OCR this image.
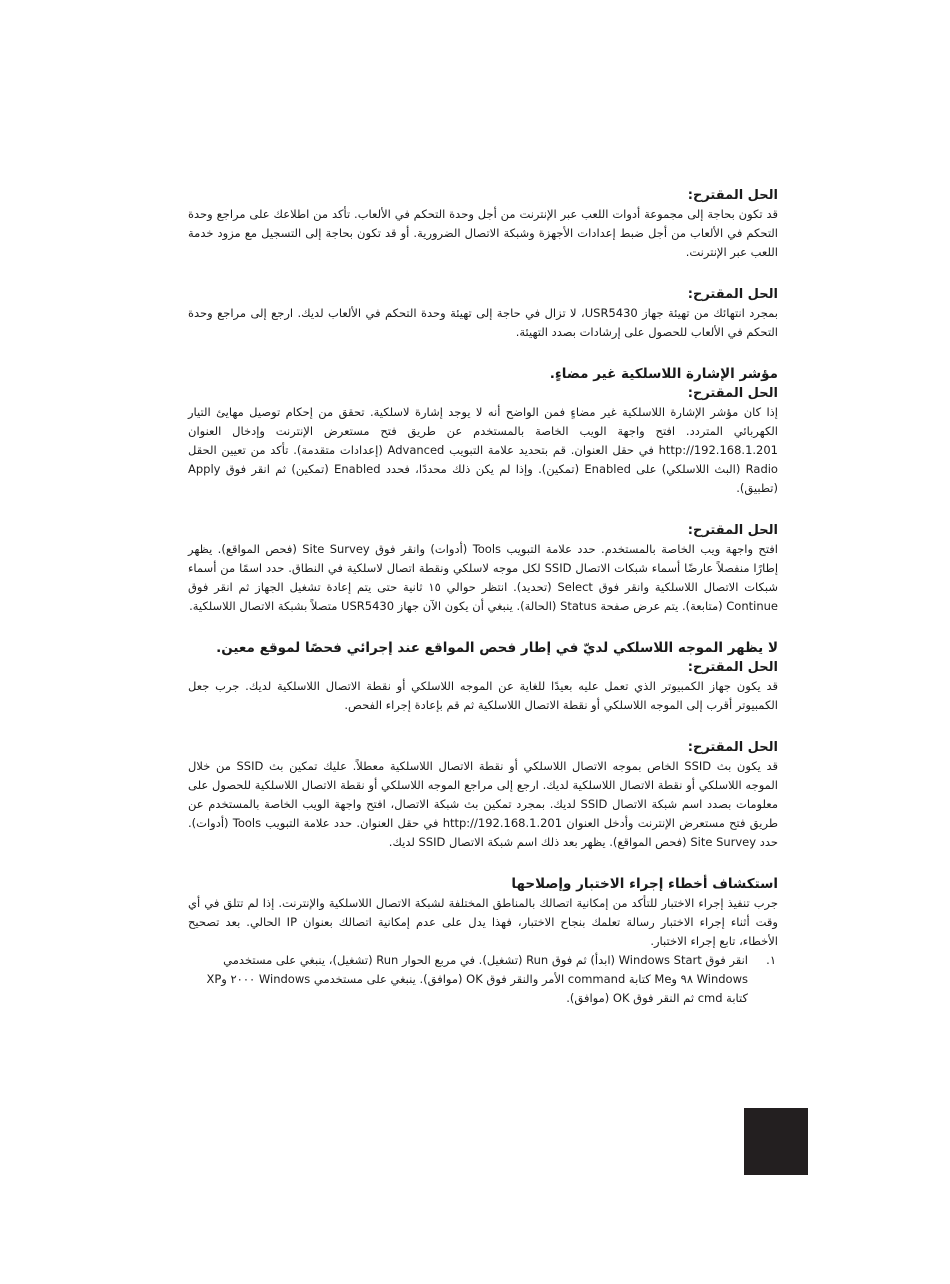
الحل المقترح:

قد تكون بحاجة إلى مجموعة أدوات اللعب عبر الإنترنت من أجل وحدة التحكم في الألعاب. تأكد من اطلاعك على مراجع وحدة التحكم في الألعاب من أجل ضبط إعدادات الأجهزة وشبكة الاتصال الضرورية. أو قد تكون بحاجة إلى التسجيل مع مزود خدمة اللعب عبر الإنترنت.

الحل المقترح:

بمجرد انتهائك من تهيئة جهاز USR5430، لا تزال في حاجة إلى تهيئة وحدة التحكم في الألعاب لديك. ارجع إلى مراجع وحدة التحكم في الألعاب للحصول على إرشادات بصدد التهيئة.

مؤشر الإشارة اللاسلكية غير مضاءٍ.

الحل المقترح:

إذا كان مؤشر الإشارة اللاسلكية غير مضاءٍ فمن الواضح أنه لا يوجد إشارة لاسلكية. تحقق من إحكام توصيل مهايئ التيار الكهربائي المتردد. افتح واجهة الويب الخاصة بالمستخدم عن طريق فتح مستعرض الإنترنت وإدخال العنوان http://192.168.1.201 في حقل العنوان. قم بتحديد علامة التبويب Advanced (إعدادات متقدمة). تأكد من تعيين الحقل Radio (البث اللاسلكي) على Enabled (تمكين). وإذا لم يكن ذلك محددًا، فحدد Enabled (تمكين) ثم انقر فوق Apply (تطبيق).

الحل المقترح:

افتح واجهة ويب الخاصة بالمستخدم. حدد علامة التبويب Tools (أدوات) وانقر فوق Site Survey (فحص المواقع). يظهر إطارًا منفصلاً عارضًا أسماء شبكات الاتصال SSID لكل موجه لاسلكي ونقطة اتصال لاسلكية في النطاق. حدد اسمًا من أسماء شبكات الاتصال اللاسلكية وانقر فوق Select (تحديد). انتظر حوالي ١٥ ثانية حتى يتم إعادة تشغيل الجهاز ثم انقر فوق Continue (متابعة). يتم عرض صفحة Status (الحالة). ينبغي أن يكون الآن جهاز USR5430 متصلاً بشبكة الاتصال اللاسلكية.

لا يظهر الموجه اللاسلكي لديّ في إطار فحص المواقع عند إجرائي فحصًا لموقع معين.

الحل المقترح:

قد يكون جهاز الكمبيوتر الذي تعمل عليه بعيدًا للغاية عن الموجه اللاسلكي أو نقطة الاتصال اللاسلكية لديك. جرب جعل الكمبيوتر أقرب إلى الموجه اللاسلكي أو نقطة الاتصال اللاسلكية ثم قم بإعادة إجراء الفحص.

الحل المقترح:

قد يكون بث SSID الخاص بموجه الاتصال اللاسلكي أو نقطة الاتصال اللاسلكية معطلاً. عليك تمكين بث SSID من خلال الموجه اللاسلكي أو نقطة الاتصال اللاسلكية لديك. ارجع إلى مراجع الموجه اللاسلكي أو نقطة الاتصال اللاسلكية للحصول على معلومات بصدد اسم شبكة الاتصال SSID لديك. بمجرد تمكين بث شبكة الاتصال، افتح واجهة الويب الخاصة بالمستخدم عن طريق فتح مستعرض الإنترنت وأدخل العنوان http://192.168.1.201 في حقل العنوان. حدد علامة التبويب Tools (أدوات). حدد Site Survey (فحص المواقع). يظهر بعد ذلك اسم شبكة الاتصال SSID لديك.

استكشاف أخطاء إجراء الاختبار وإصلاحها

جرب تنفيذ إجراء الاختبار للتأكد من إمكانية اتصالك بالمناطق المختلفة لشبكة الاتصال اللاسلكية والإنترنت. إذا لم تتلق في أي وقت أثناء إجراء الاختبار رسالة تعلمك بنجاح الاختبار، فهذا يدل على عدم إمكانية اتصالك بعنوان IP الحالي. بعد تصحيح الأخطاء، تابع إجراء الاختبار.

١.
انقر فوق Windows Start (ابدأ) ثم فوق Run (تشغيل). في مربع الحوار Run (تشغيل)، ينبغي على مستخدمي Windows ٩٨ وMe كتابة command الأمر والنقر فوق OK (موافق). ينبغي على مستخدمي Windows ٢٠٠٠ وXP كتابة cmd ثم النقر فوق OK (موافق).
